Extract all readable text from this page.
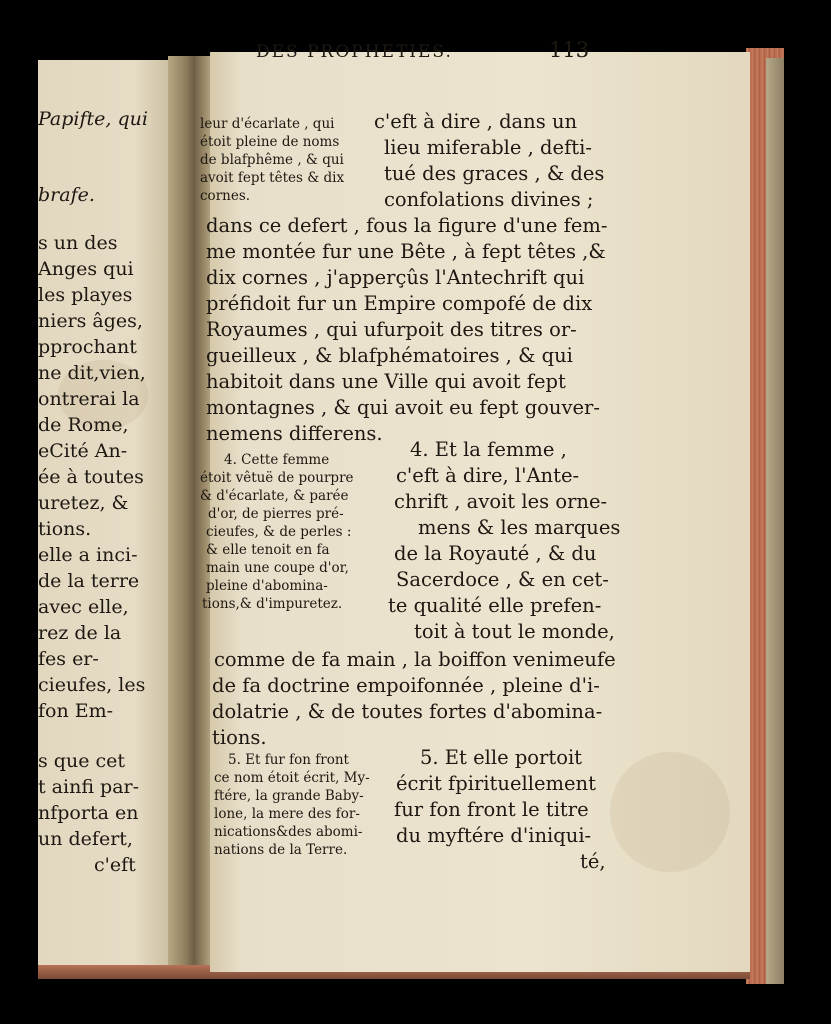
Papifte, qui
brafe.
s un des
Anges qui
les playes
niers âges,
pprochant
ne dit,vien,
ontrerai la
de Rome,
eCité An-
ée à toutes
uretez, &
tions.
elle a inci-
de la terre
avec elle,
rez de la
fes er-
cieufes, les
fon Em-
s que cet
t ainfi par-
nfporta en
un defert,
c'eft
DES PROPHETIES.	113
leur d'écarlate , qui
étoit pleine de noms
de blafphême , & qui
avoit fept têtes & dix
cornes.
c'eft à dire , dans un
lieu miferable , defti-
tué des graces , & des
confolations divines ;
dans ce defert , fous la figure d'une fem-
me montée fur une Bête , à fept têtes ,&
dix cornes , j'apperçûs l'Antechrift qui
préfidoit fur un Empire compofé de dix
Royaumes , qui ufurpoit des titres or-
gueilleux , & blafphématoires , & qui
habitoit dans une Ville qui avoit fept
montagnes , & qui avoit eu fept gouver-
nemens differens.
4. Cette femme
étoit vêtuë de pourpre
& d'écarlate, & parée
d'or, de pierres pré-
cieufes, & de perles :
& elle tenoit en fa
main une coupe d'or,
pleine d'abomina-
tions,& d'impuretez.
4. Et la femme ,
c'eft à dire, l'Ante-
chrift , avoit les orne-
mens & les marques
de la Royauté , & du
Sacerdoce , & en cet-
te qualité elle prefen-
toit à tout le monde,
comme de fa main , la boiffon venimeufe
de fa doctrine empoifonnée , pleine d'i-
dolatrie , & de toutes fortes d'abomina-
tions.
5. Et fur fon front
ce nom étoit écrit, My-
ftére, la grande Baby-
lone, la mere des for-
nications&des abomi-
nations de la Terre.
5. Et elle portoit
écrit fpirituellement
fur fon front le titre
du myftére d'iniqui-
té,
